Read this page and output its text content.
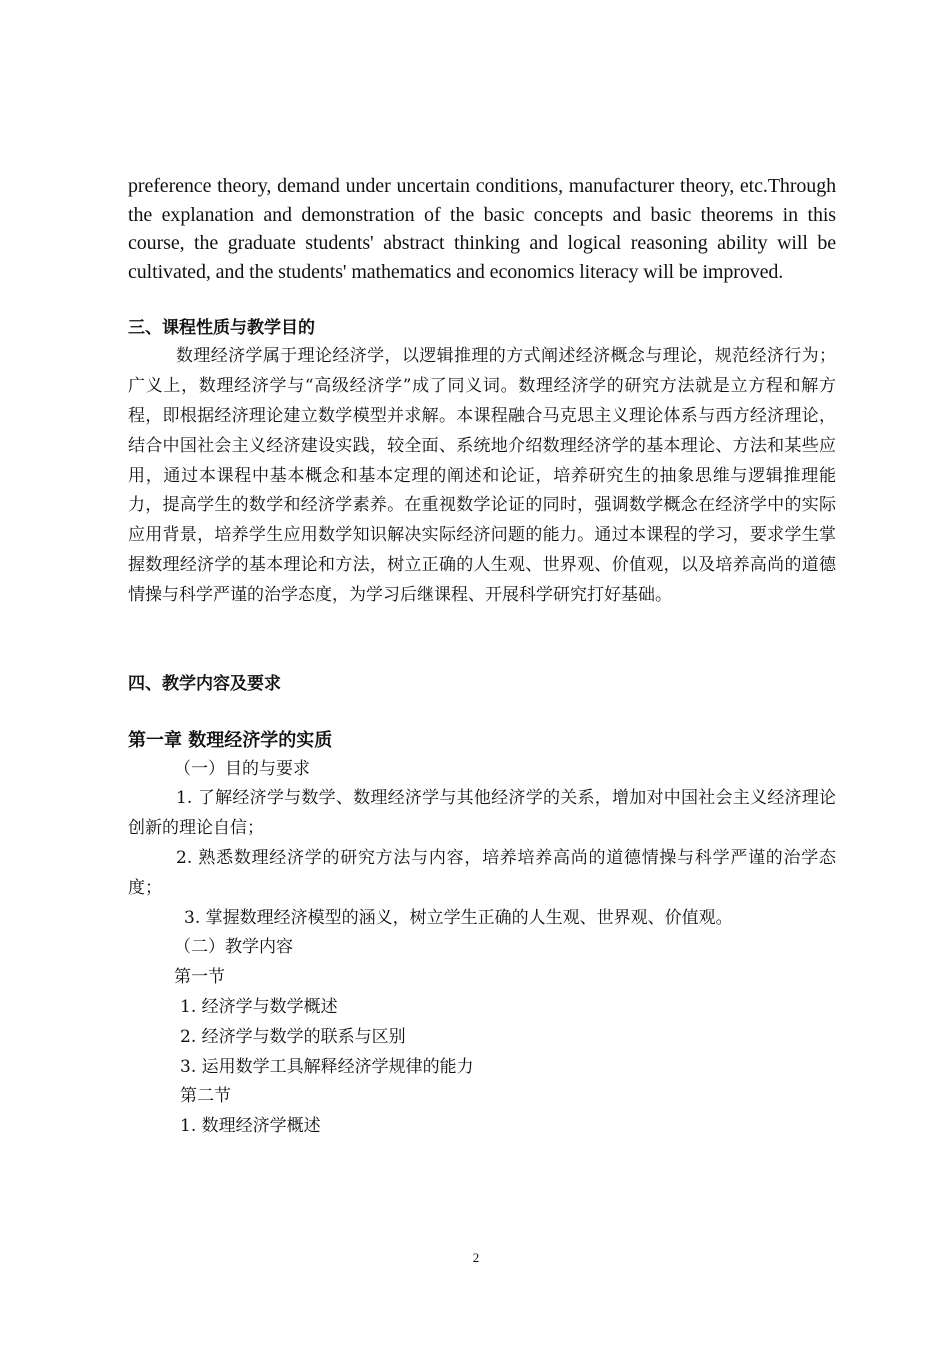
preference theory, demand under uncertain conditions, manufacturer theory, etc.Through the explanation and demonstration of the basic concepts and basic theorems in this course, the graduate students' abstract thinking and logical reasoning ability will be cultivated, and the students' mathematics and economics literacy will be improved.

三、课程性质与教学目的

数理经济学属于理论经济学，以逻辑推理的方式阐述经济概念与理论，规范经济行为；广义上，数理经济学与“高级经济学”成了同义词。数理经济学的研究方法就是立方程和解方程，即根据经济理论建立数学模型并求解。本课程融合马克思主义理论体系与西方经济理论，结合中国社会主义经济建设实践，较全面、系统地介绍数理经济学的基本理论、方法和某些应用，通过本课程中基本概念和基本定理的阐述和论证，培养研究生的抽象思维与逻辑推理能力，提高学生的数学和经济学素养。在重视数学论证的同时，强调数学概念在经济学中的实际应用背景，培养学生应用数学知识解决实际经济问题的能力。通过本课程的学习，要求学生掌握数理经济学的基本理论和方法，树立正确的人生观、世界观、价值观，以及培养高尚的道德情操与科学严谨的治学态度，为学习后继课程、开展科学研究打好基础。

四、教学内容及要求

第一章 数理经济学的实质

（一）目的与要求

1. 了解经济学与数学、数理经济学与其他经济学的关系，增加对中国社会主义经济理论创新的理论自信；

2. 熟悉数理经济学的研究方法与内容，培养培养高尚的道德情操与科学严谨的治学态度；

3. 掌握数理经济模型的涵义，树立学生正确的人生观、世界观、价值观。

（二）教学内容

第一节

1. 经济学与数学概述

2. 经济学与数学的联系与区别

3. 运用数学工具解释经济学规律的能力

第二节

1. 数理经济学概述

2
